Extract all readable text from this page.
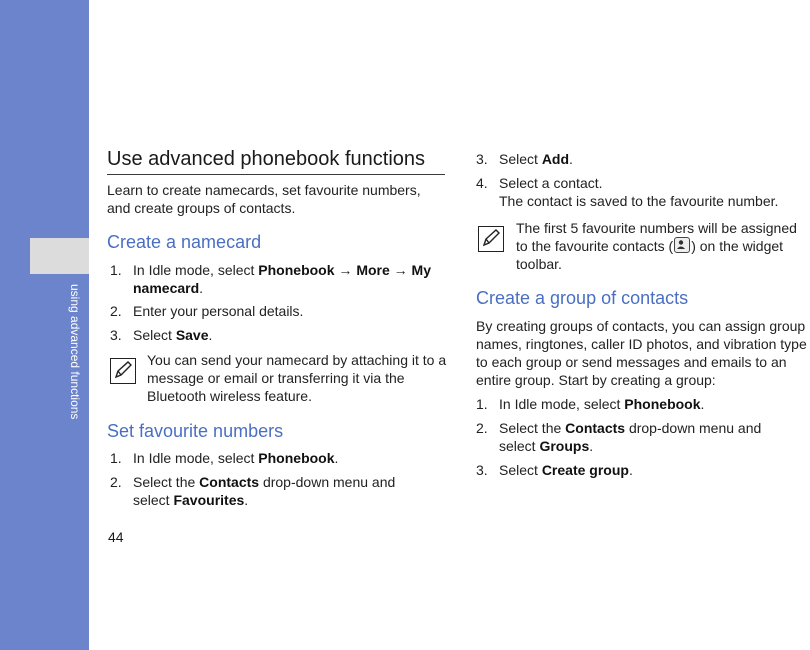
using advanced functions
Use advanced phonebook functions

Learn to create namecards, set favourite numbers, and create groups of contacts.

Create a namecard
1. In Idle mode, select Phonebook → More → My namecard.
2. Enter your personal details.
3. Select Save.
You can send your namecard by attaching it to a message or email or transferring it via the Bluetooth wireless feature.
Set favourite numbers
1. In Idle mode, select Phonebook.
2. Select the Contacts drop-down menu and select Favourites.
3. Select Add.
4. Select a contact.
The contact is saved to the favourite number.
The first 5 favourite numbers will be assigned to the favourite contacts ( ) on the widget toolbar.
Create a group of contacts

By creating groups of contacts, you can assign group names, ringtones, caller ID photos, and vibration type to each group or send messages and emails to an entire group. Start by creating a group:

1. In Idle mode, select Phonebook.
2. Select the Contacts drop-down menu and select Groups.
3. Select Create group.
44
